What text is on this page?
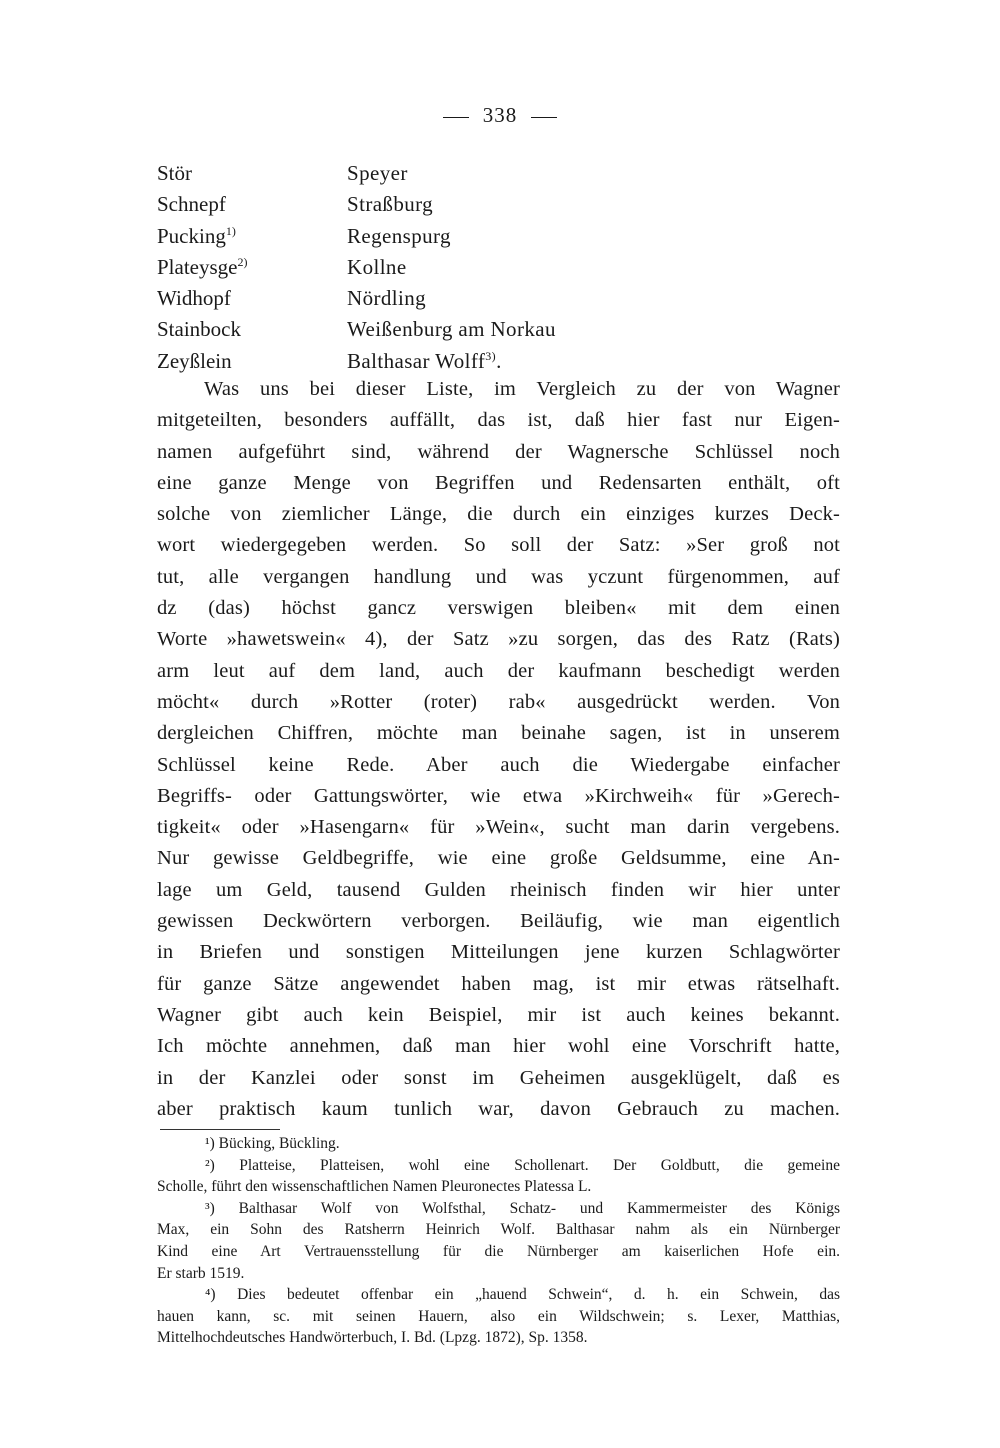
338
Stör	Speyer
Schnepf	Straßburg
Pucking$^{1)}$	Regenspurg
Plateysge$^{2)}$	Kollne
Widhopf	Nördling
Stainbock	Weißenburg am Norkau
Zeyßlein	Balthasar Wolff$^{3)}$.
Was uns bei dieser Liste, im Vergleich zu der von Wagner
mitgeteilten, besonders auffällt, das ist, daß hier fast nur Eigen-
namen aufgeführt sind, während der Wagnersche Schlüssel noch
eine ganze Menge von Begriffen und Redensarten enthält, oft
solche von ziemlicher Länge, die durch ein einziges kurzes Deck-
wort wiedergegeben werden. So soll der Satz: »Ser groß not
tut, alle vergangen handlung und was yczunt fürgenommen, auf
dz (das) höchst gancz verswigen bleiben« mit dem einen
Worte »hawetswein« 4), der Satz »zu sorgen, das des Ratz (Rats)
arm leut auf dem land, auch der kaufmann beschedigt werden
möcht« durch »Rotter (roter) rab« ausgedrückt werden. Von
dergleichen Chiffren, möchte man beinahe sagen, ist in unserem
Schlüssel keine Rede. Aber auch die Wiedergabe einfacher
Begriffs- oder Gattungswörter, wie etwa »Kirchweih« für »Gerech-
tigkeit« oder »Hasengarn« für »Wein«, sucht man darin vergebens.
Nur gewisse Geldbegriffe, wie eine große Geldsumme, eine An-
lage um Geld, tausend Gulden rheinisch finden wir hier unter
gewissen Deckwörtern verborgen. Beiläufig, wie man eigentlich
in Briefen und sonstigen Mitteilungen jene kurzen Schlagwörter
für ganze Sätze angewendet haben mag, ist mir etwas rätselhaft.
Wagner gibt auch kein Beispiel, mir ist auch keines bekannt.
Ich möchte annehmen, daß man hier wohl eine Vorschrift hatte,
in der Kanzlei oder sonst im Geheimen ausgeklügelt, daß es
aber praktisch kaum tunlich war, davon Gebrauch zu machen.
¹) Bücking, Bückling.
²) Platteise, Platteisen, wohl eine Schollenart. Der Goldbutt, die gemeine
Scholle, führt den wissenschaftlichen Namen Pleuronectes Platessa L.
³) Balthasar Wolf von Wolfsthal, Schatz- und Kammermeister des Königs
Max, ein Sohn des Ratsherrn Heinrich Wolf. Balthasar nahm als ein Nürnberger
Kind eine Art Vertrauensstellung für die Nürnberger am kaiserlichen Hofe ein.
Er starb 1519.
⁴) Dies bedeutet offenbar ein „hauend Schwein“, d. h. ein Schwein, das
hauen kann, sc. mit seinen Hauern, also ein Wildschwein; s. Lexer, Matthias,
Mittelhochdeutsches Handwörterbuch, I. Bd. (Lpzg. 1872), Sp. 1358.
